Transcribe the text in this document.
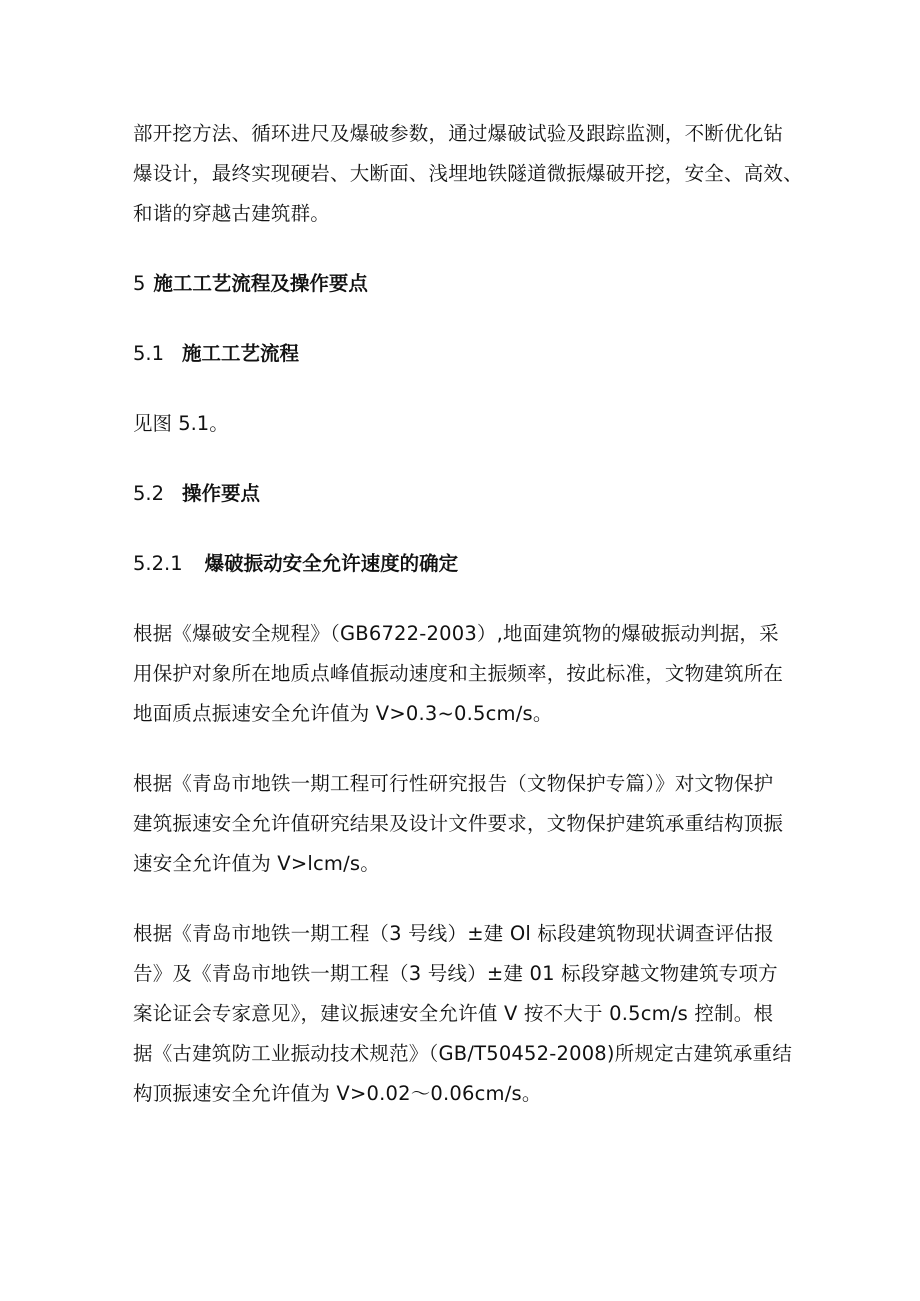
部开挖方法、循环进尺及爆破参数，通过爆破试验及跟踪监测，不断优化钻
爆设计，最终实现硬岩、大断面、浅埋地铁隧道微振爆破开挖，安全、高效、
和谐的穿越古建筑群。
5 施工工艺流程及操作要点
5.1 施工工艺流程
见图 5.1。
5.2 操作要点
5.2.1 爆破振动安全允许速度的确定
根据《爆破安全规程》（GB6722-2003）,地面建筑物的爆破振动判据，采
用保护对象所在地质点峰值振动速度和主振频率，按此标准，文物建筑所在
地面质点振速安全允许值为 V>0.3~0.5cm∕s。
根据《青岛市地铁一期工程可行性研究报告（文物保护专篇）》对文物保护
建筑振速安全允许值研究结果及设计文件要求，文物保护建筑承重结构顶振
速安全允许值为 V>lcm∕s。
根据《青岛市地铁一期工程（3 号线）±建 Ol 标段建筑物现状调查评估报
告》及《青岛市地铁一期工程（3 号线）±建 01 标段穿越文物建筑专项方
案论证会专家意见》，建议振速安全允许值 V 按不大于 0.5cm∕s 控制。根
据《古建筑防工业振动技术规范》（GB/T50452-2008)所规定古建筑承重结
构顶振速安全允许值为 V>0.02～0.06cm∕s。
